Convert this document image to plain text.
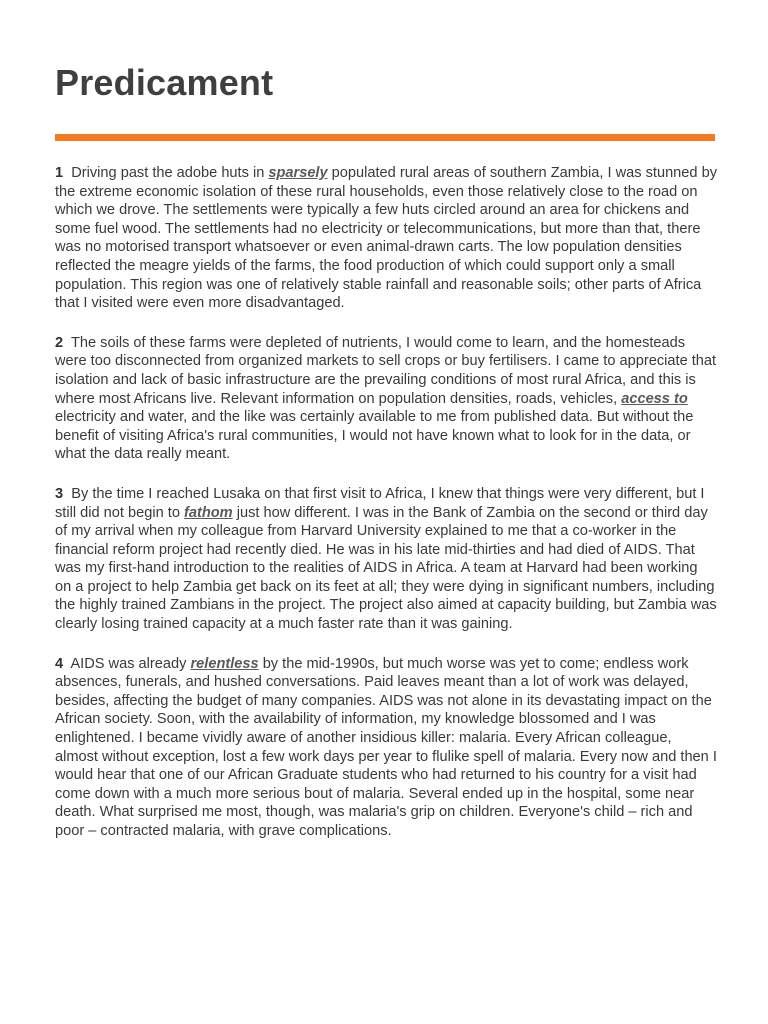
Predicament

1 Driving past the adobe huts in sparsely populated rural areas of southern Zambia, I was stunned by the extreme economic isolation of these rural households, even those relatively close to the road on which we drove. The settlements were typically a few huts circled around an area for chickens and some fuel wood. The settlements had no electricity or telecommunications, but more than that, there was no motorised transport whatsoever or even animal-drawn carts. The low population densities reflected the meagre yields of the farms, the food production of which could support only a small population. This region was one of relatively stable rainfall and reasonable soils; other parts of Africa that I visited were even more disadvantaged.

2 The soils of these farms were depleted of nutrients, I would come to learn, and the homesteads were too disconnected from organized markets to sell crops or buy fertilisers. I came to appreciate that isolation and lack of basic infrastructure are the prevailing conditions of most rural Africa, and this is where most Africans live. Relevant information on population densities, roads, vehicles, access to electricity and water, and the like was certainly available to me from published data. But without the benefit of visiting Africa's rural communities, I would not have known what to look for in the data, or what the data really meant.

3 By the time I reached Lusaka on that first visit to Africa, I knew that things were very different, but I still did not begin to fathom just how different. I was in the Bank of Zambia on the second or third day of my arrival when my colleague from Harvard University explained to me that a co-worker in the financial reform project had recently died. He was in his late mid-thirties and had died of AIDS. That was my first-hand introduction to the realities of AIDS in Africa. A team at Harvard had been working on a project to help Zambia get back on its feet at all; they were dying in significant numbers, including the highly trained Zambians in the project. The project also aimed at capacity building, but Zambia was clearly losing trained capacity at a much faster rate than it was gaining.

4 AIDS was already relentless by the mid-1990s, but much worse was yet to come; endless work absences, funerals, and hushed conversations. Paid leaves meant than a lot of work was delayed, besides, affecting the budget of many companies. AIDS was not alone in its devastating impact on the African society. Soon, with the availability of information, my knowledge blossomed and I was enlightened. I became vividly aware of another insidious killer: malaria. Every African colleague, almost without exception, lost a few work days per year to flulike spell of malaria. Every now and then I would hear that one of our African Graduate students who had returned to his country for a visit had come down with a much more serious bout of malaria. Several ended up in the hospital, some near death. What surprised me most, though, was malaria's grip on children. Everyone's child – rich and poor – contracted malaria, with grave complications.
